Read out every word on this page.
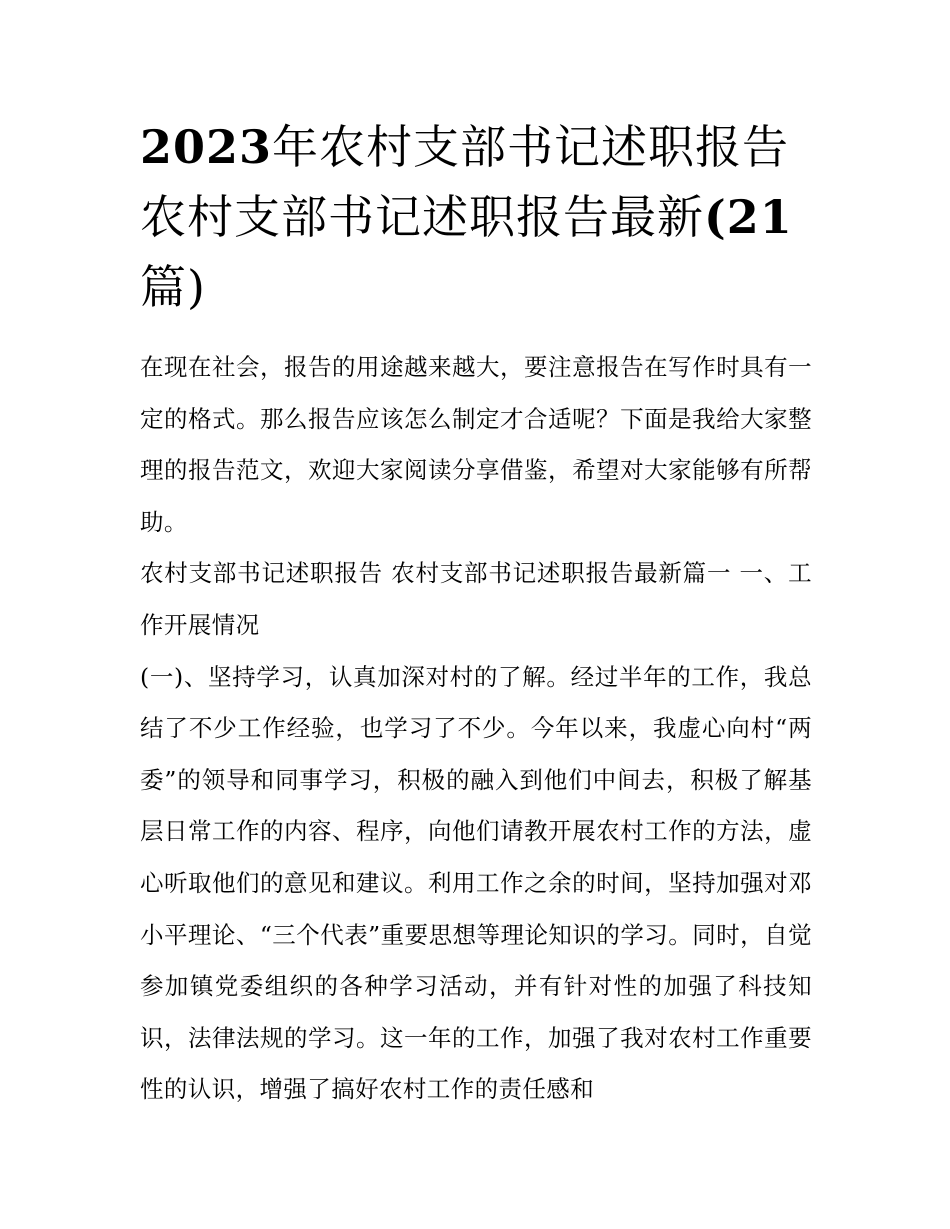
2023年农村支部书记述职报告农村支部书记述职报告最新(21篇)

在现在社会，报告的用途越来越大，要注意报告在写作时具有一定的格式。那么报告应该怎么制定才合适呢？下面是我给大家整理的报告范文，欢迎大家阅读分享借鉴，希望对大家能够有所帮助。

农村支部书记述职报告 农村支部书记述职报告最新篇一 一、工作开展情况

(一)、坚持学习，认真加深对村的了解。经过半年的工作，我总结了不少工作经验，也学习了不少。今年以来，我虚心向村“两委”的领导和同事学习，积极的融入到他们中间去，积极了解基层日常工作的内容、程序，向他们请教开展农村工作的方法，虚心听取他们的意见和建议。利用工作之余的时间，坚持加强对邓小平理论、“三个代表”重要思想等理论知识的学习。同时，自觉参加镇党委组织的各种学习活动，并有针对性的加强了科技知识，法律法规的学习。这一年的工作，加强了我对农村工作重要性的认识，增强了搞好农村工作的责任感和
